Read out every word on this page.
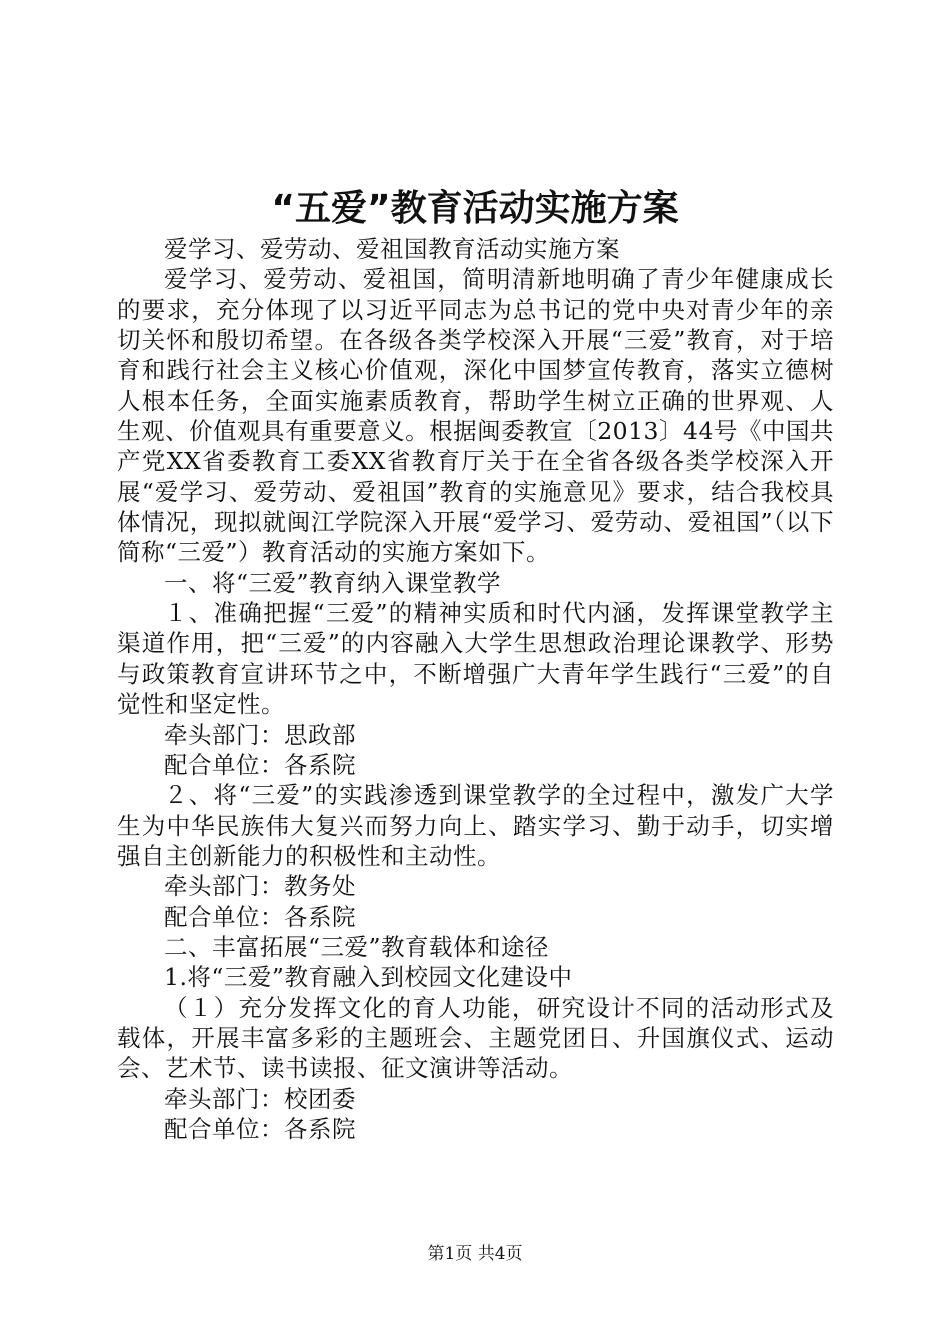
“五爱”教育活动实施方案

爱学习、爱劳动、爱祖国教育活动实施方案

爱学习、爱劳动、爱祖国，简明清新地明确了青少年健康成长的要求，充分体现了以习近平同志为总书记的党中央对青少年的亲切关怀和殷切希望。在各级各类学校深入开展“三爱”教育，对于培育和践行社会主义核心价值观，深化中国梦宣传教育，落实立德树人根本任务，全面实施素质教育，帮助学生树立正确的世界观、人生观、价值观具有重要意义。根据闽委教宣〔2013〕44号《中国共产党XX省委教育工委XX省教育厅关于在全省各级各类学校深入开展“爱学习、爱劳动、爱祖国”教育的实施意见》要求，结合我校具体情况，现拟就闽江学院深入开展“爱学习、爱劳动、爱祖国”（以下简称“三爱”）教育活动的实施方案如下。

一、将“三爱”教育纳入课堂教学

１、准确把握“三爱”的精神实质和时代内涵，发挥课堂教学主渠道作用，把“三爱”的内容融入大学生思想政治理论课教学、形势与政策教育宣讲环节之中，不断增强广大青年学生践行“三爱”的自觉性和坚定性。

牵头部门：思政部

配合单位：各系院

２、将“三爱”的实践渗透到课堂教学的全过程中，激发广大学生为中华民族伟大复兴而努力向上、踏实学习、勤于动手，切实增强自主创新能力的积极性和主动性。

牵头部门：教务处

配合单位：各系院

二、丰富拓展“三爱”教育载体和途径

1.将“三爱”教育融入到校园文化建设中

（１）充分发挥文化的育人功能，研究设计不同的活动形式及载体，开展丰富多彩的主题班会、主题党团日、升国旗仪式、运动会、艺术节、读书读报、征文演讲等活动。

牵头部门：校团委

配合单位：各系院

第1页 共4页
